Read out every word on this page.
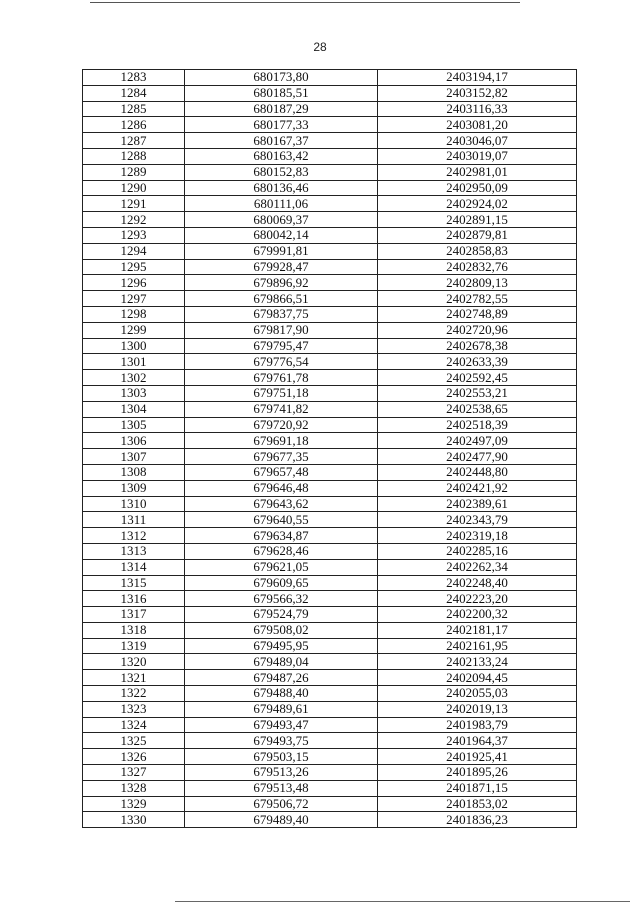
28
1283	680173,80	2403194,17
1284	680185,51	2403152,82
1285	680187,29	2403116,33
1286	680177,33	2403081,20
1287	680167,37	2403046,07
1288	680163,42	2403019,07
1289	680152,83	2402981,01
1290	680136,46	2402950,09
1291	680111,06	2402924,02
1292	680069,37	2402891,15
1293	680042,14	2402879,81
1294	679991,81	2402858,83
1295	679928,47	2402832,76
1296	679896,92	2402809,13
1297	679866,51	2402782,55
1298	679837,75	2402748,89
1299	679817,90	2402720,96
1300	679795,47	2402678,38
1301	679776,54	2402633,39
1302	679761,78	2402592,45
1303	679751,18	2402553,21
1304	679741,82	2402538,65
1305	679720,92	2402518,39
1306	679691,18	2402497,09
1307	679677,35	2402477,90
1308	679657,48	2402448,80
1309	679646,48	2402421,92
1310	679643,62	2402389,61
1311	679640,55	2402343,79
1312	679634,87	2402319,18
1313	679628,46	2402285,16
1314	679621,05	2402262,34
1315	679609,65	2402248,40
1316	679566,32	2402223,20
1317	679524,79	2402200,32
1318	679508,02	2402181,17
1319	679495,95	2402161,95
1320	679489,04	2402133,24
1321	679487,26	2402094,45
1322	679488,40	2402055,03
1323	679489,61	2402019,13
1324	679493,47	2401983,79
1325	679493,75	2401964,37
1326	679503,15	2401925,41
1327	679513,26	2401895,26
1328	679513,48	2401871,15
1329	679506,72	2401853,02
1330	679489,40	2401836,23
